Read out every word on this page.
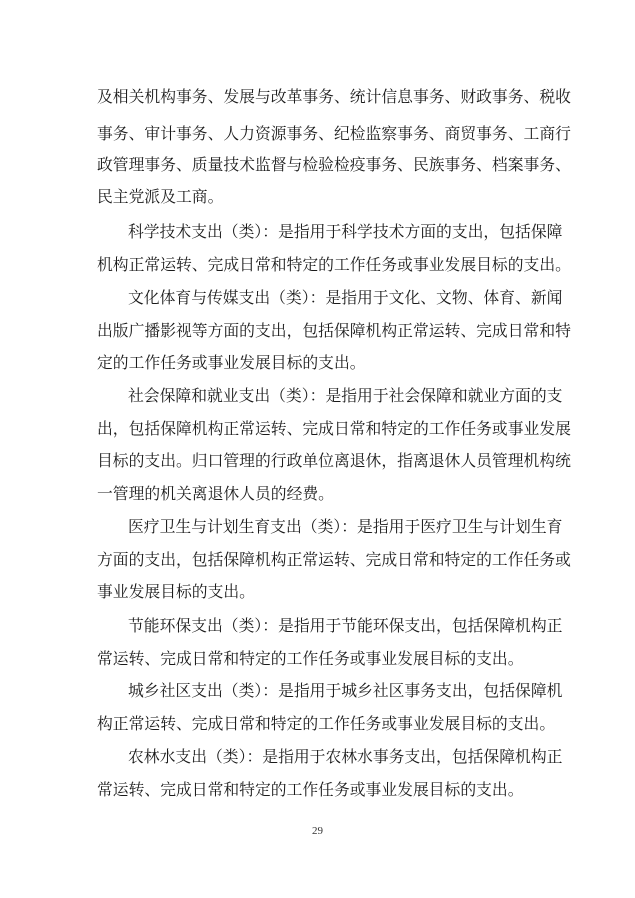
及相关机构事务、发展与改革事务、统计信息事务、财政事务、税收
事务、审计事务、人力资源事务、纪检监察事务、商贸事务、工商行
政管理事务、质量技术监督与检验检疫事务、民族事务、档案事务、
民主党派及工商。
科学技术支出（类）：是指用于科学技术方面的支出，包括保障
机构正常运转、完成日常和特定的工作任务或事业发展目标的支出。
文化体育与传媒支出（类）：是指用于文化、文物、体育、新闻
出版广播影视等方面的支出，包括保障机构正常运转、完成日常和特
定的工作任务或事业发展目标的支出。
社会保障和就业支出（类）：是指用于社会保障和就业方面的支
出，包括保障机构正常运转、完成日常和特定的工作任务或事业发展
目标的支出。归口管理的行政单位离退休，指离退休人员管理机构统
一管理的机关离退休人员的经费。
医疗卫生与计划生育支出（类）：是指用于医疗卫生与计划生育
方面的支出，包括保障机构正常运转、完成日常和特定的工作任务或
事业发展目标的支出。
节能环保支出（类）：是指用于节能环保支出，包括保障机构正
常运转、完成日常和特定的工作任务或事业发展目标的支出。
城乡社区支出（类）：是指用于城乡社区事务支出，包括保障机
构正常运转、完成日常和特定的工作任务或事业发展目标的支出。
农林水支出（类）：是指用于农林水事务支出，包括保障机构正
常运转、完成日常和特定的工作任务或事业发展目标的支出。
29
